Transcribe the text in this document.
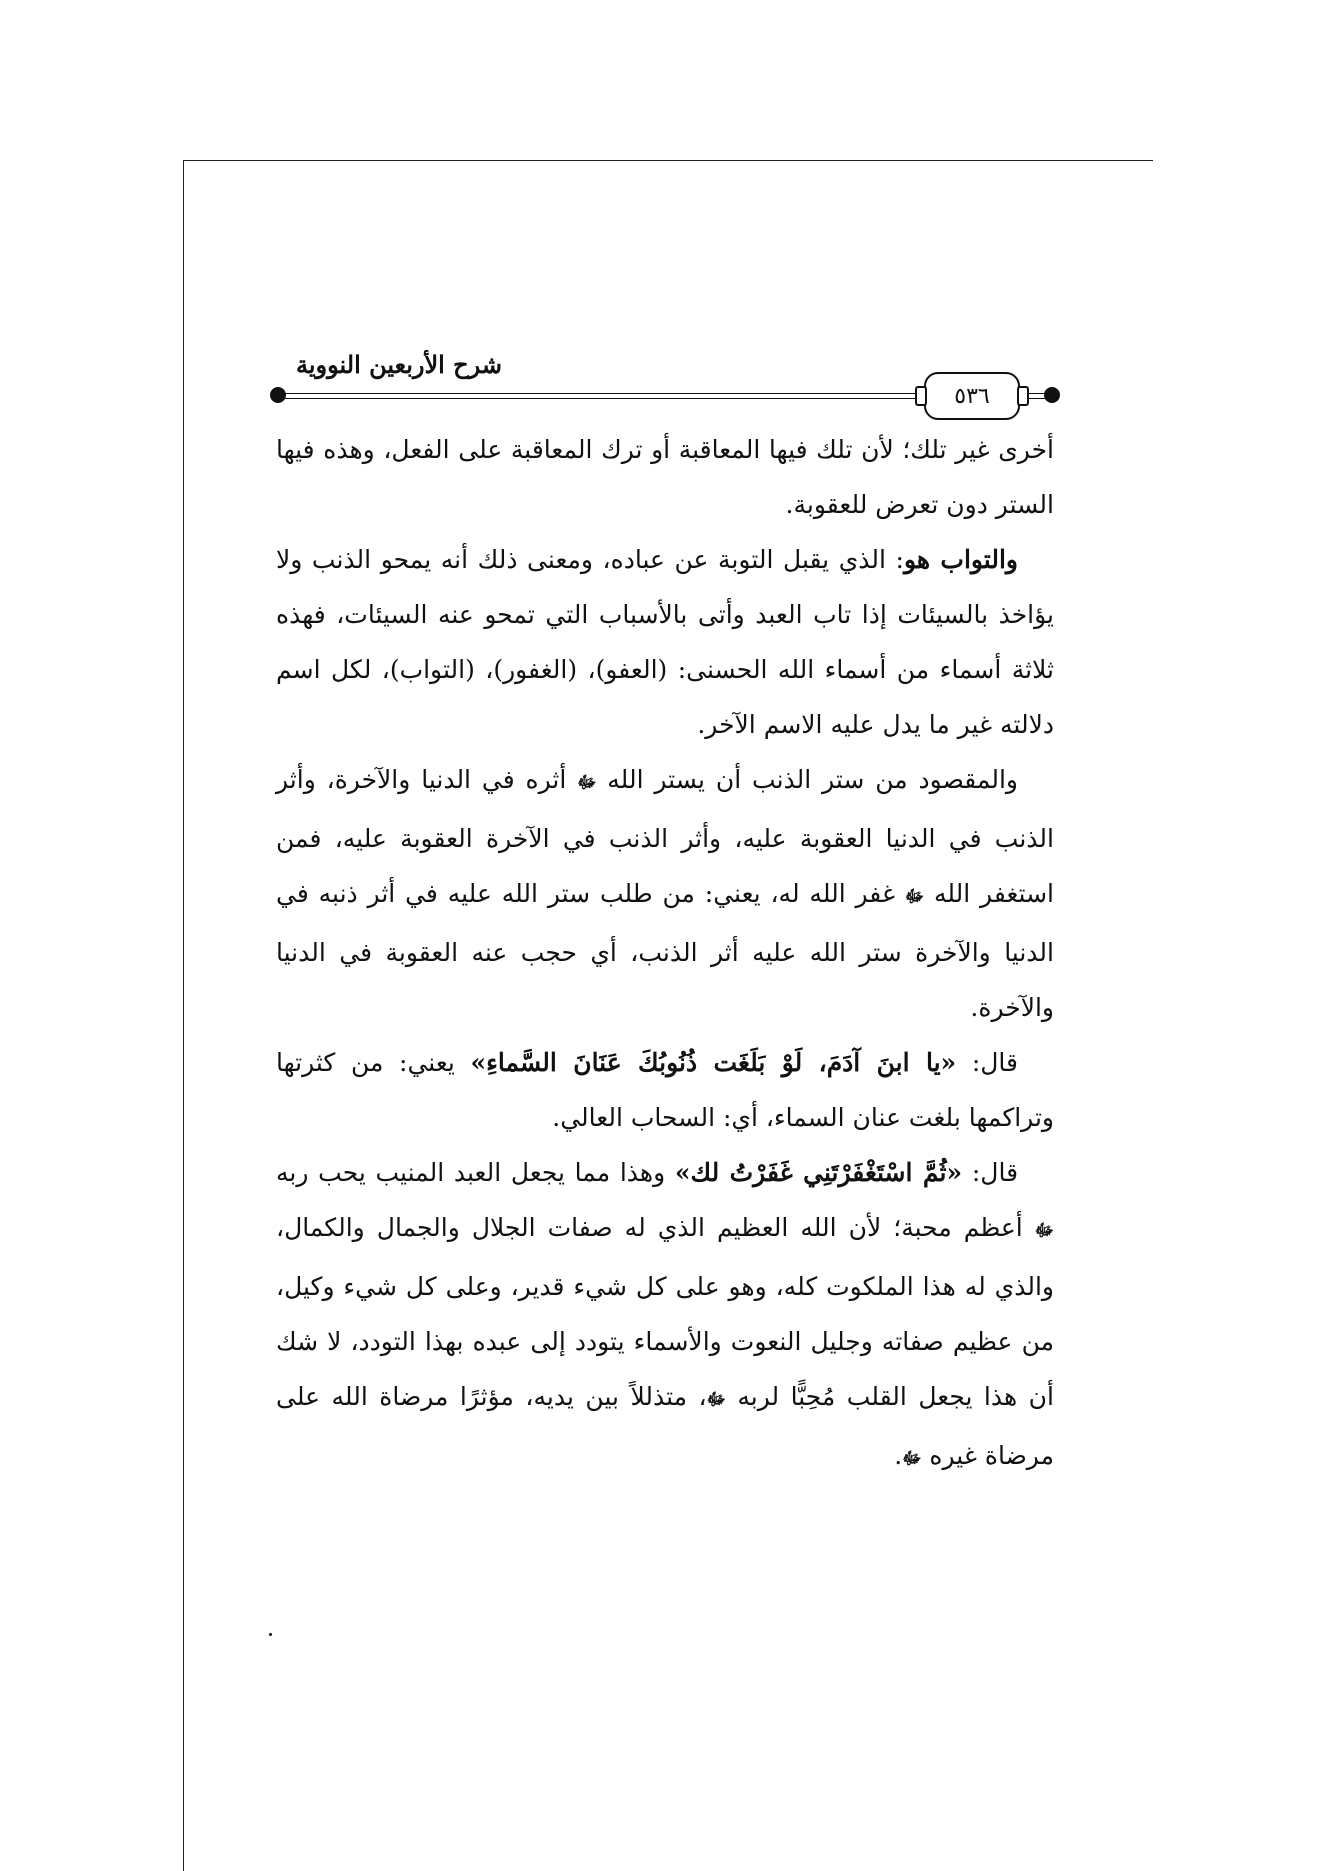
شرح الأربعين النووية
٥٣٦

أخرى غير تلك؛ لأن تلك فيها المعاقبة أو ترك المعاقبة على الفعل، وهذه فيها الستر دون تعرض للعقوبة.

والتواب هو: الذي يقبل التوبة عن عباده، ومعنى ذلك أنه يمحو الذنب ولا يؤاخذ بالسيئات إذا تاب العبد وأتى بالأسباب التي تمحو عنه السيئات، فهذه ثلاثة أسماء من أسماء الله الحسنى: (العفو)، (الغفور)، (التواب)، لكل اسم دلالته غير ما يدل عليه الاسم الآخر.

والمقصود من ستر الذنب أن يستر الله ﷻ أثره في الدنيا والآخرة، وأثر الذنب في الدنيا العقوبة عليه، وأثر الذنب في الآخرة العقوبة عليه، فمن استغفر الله ﷻ غفر الله له، يعني: من طلب ستر الله عليه في أثر ذنبه في الدنيا والآخرة ستر الله عليه أثر الذنب، أي حجب عنه العقوبة في الدنيا والآخرة.

قال: «يا ابنَ آدَمَ، لَوْ بَلَغَت ذُنُوبُكَ عَنَانَ السَّماءِ» يعني: من كثرتها وتراكمها بلغت عنان السماء، أي: السحاب العالي.

قال: «ثُمَّ اسْتَغْفَرْتَنِي غَفَرْتُ لك» وهذا مما يجعل العبد المنيب يحب ربه ﷻ أعظم محبة؛ لأن الله العظيم الذي له صفات الجلال والجمال والكمال، والذي له هذا الملكوت كله، وهو على كل شيء قدير، وعلى كل شيء وكيل، من عظيم صفاته وجليل النعوت والأسماء يتودد إلى عبده بهذا التودد، لا شك أن هذا يجعل القلب مُحِبًّا لربه ﷻ، متذللاً بين يديه، مؤثرًا مرضاة الله على مرضاة غيره ﷻ.
